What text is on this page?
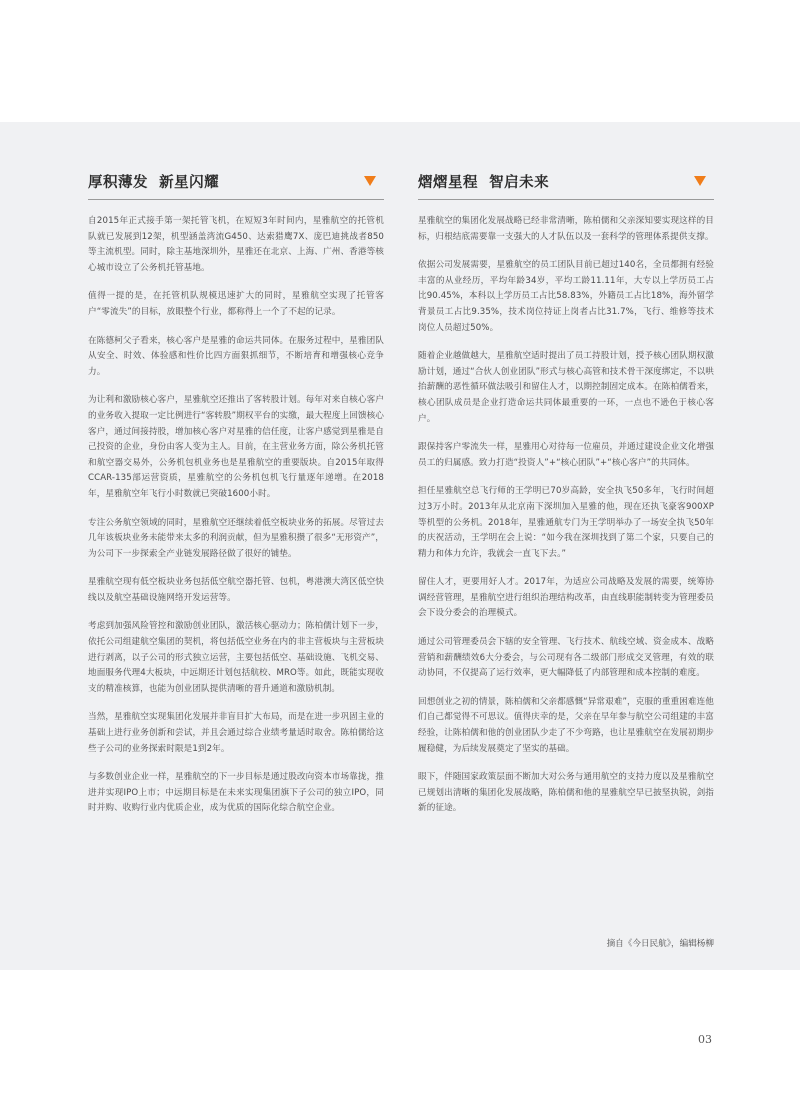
厚积薄发  新星闪耀

自2015年正式接手第一架托管飞机，在短短3年时间内，星雅航空的托管机队就已发展到12架，机型涵盖湾流G450、达索猎鹰7X、庞巴迪挑战者850等主流机型。同时，除主基地深圳外，星雅还在北京、上海、广州、香港等核心城市设立了公务机托管基地。

值得一提的是，在托管机队规模迅速扩大的同时，星雅航空实现了托管客户“零流失”的目标，放眼整个行业，都称得上一个了不起的记录。

在陈德柯父子看来，核心客户是星雅的命运共同体。在服务过程中，星雅团队从安全、时效、体验感和性价比四方面狠抓细节，不断培育和增强核心竞争力。

为让利和激励核心客户，星雅航空还推出了客转股计划。每年对来自核心客户的业务收入提取一定比例进行“客转股”期权平台的实缴，最大程度上回馈核心客户，通过间接持股，增加核心客户对星雅的信任度，让客户感觉到星雅是自己投资的企业，身份由客人变为主人。目前，在主营业务方面，除公务机托管和航空器交易外，公务机包机业务也是星雅航空的重要版块。自2015年取得CCAR-135部运营资质，星雅航空的公务机包机飞行量逐年递增。在2018年，星雅航空年飞行小时数就已突破1600小时。

专注公务航空领域的同时，星雅航空还继续着低空板块业务的拓展。尽管过去几年该板块业务未能带来太多的利润贡献，但为星雅积攒了很多“无形资产”，为公司下一步探索全产业链发展路径做了很好的铺垫。

星雅航空现有低空板块业务包括低空航空器托管、包机，粤港澳大湾区低空快线以及航空基础设施网络开发运营等。

考虑到加强风险管控和激励创业团队，激活核心驱动力；陈柏儒计划下一步，依托公司组建航空集团的契机，将包括低空业务在内的非主营板块与主营板块进行剥离，以子公司的形式独立运营，主要包括低空、基础设施、飞机交易、地面服务代理4大板块，中远期还计划包括航校、MRO等。如此，既能实现收支的精准核算，也能为创业团队提供清晰的晋升通道和激励机制。

当然，星雅航空实现集团化发展并非盲目扩大布局，而是在进一步巩固主业的基础上进行业务创新和尝试，并且会通过综合业绩考量适时取舍。陈柏儒给这些子公司的业务探索时限是1到2年。

与多数创业企业一样，星雅航空的下一步目标是通过股改向资本市场靠拢，推进并实现IPO上市；中远期目标是在未来实现集团旗下子公司的独立IPO，同时并购、收购行业内优质企业，成为优质的国际化综合航空企业。

熠熠星程  智启未来

星雅航空的集团化发展战略已经非常清晰，陈柏儒和父亲深知要实现这样的目标，归根结底需要靠一支强大的人才队伍以及一套科学的管理体系提供支撑。

依据公司发展需要，星雅航空的员工团队目前已超过140名，全员都拥有经验丰富的从业经历，平均年龄34岁，平均工龄11.11年，大专以上学历员工占比90.45%，本科以上学历员工占比58.83%，外籍员工占比18%，海外留学背景员工占比9.35%，技术岗位持证上岗者占比31.7%，飞行、维修等技术岗位人员超过50%。

随着企业越做越大，星雅航空适时提出了员工持股计划，授予核心团队期权激励计划，通过“合伙人创业团队”形式与核心高管和技术骨干深度绑定，不以哄抬薪酬的恶性循环做法吸引和留住人才，以期控制固定成本。在陈柏儒看来，核心团队成员是企业打造命运共同体最重要的一环，一点也不逊色于核心客户。

跟保持客户零流失一样，星雅用心对待每一位雇员，并通过建设企业文化增强员工的归属感。致力打造“投资人”+“核心团队”+“核心客户”的共同体。

担任星雅航空总飞行师的王学明已70岁高龄，安全执飞50多年，飞行时间超过3万小时。2013年从北京南下深圳加入星雅的他，现在还执飞豪客900XP等机型的公务机。2018年，星雅通航专门为王学明举办了一场安全执飞50年的庆祝活动，王学明在会上说：“如今我在深圳找到了第二个家，只要自己的精力和体力允许，我就会一直飞下去。”

留住人才，更要用好人才。2017年，为适应公司战略及发展的需要，统筹协调经营管理，星雅航空进行组织治理结构改革，由直线职能制转变为管理委员会下设分委会的治理模式。

通过公司管理委员会下辖的安全管理、飞行技术、航线空域、资金成本、战略营销和薪酬绩效6大分委会，与公司现有各二级部门形成交叉管理，有效的联动协同，不仅提高了运行效率，更大幅降低了内部管理和成本控制的难度。

回想创业之初的情景，陈柏儒和父亲都感慨“异常艰难”，克服的重重困难连他们自己都觉得不可思议。值得庆幸的是，父亲在早年参与航空公司组建的丰富经验，让陈柏儒和他的创业团队少走了不少弯路，也让星雅航空在发展初期步履稳健，为后续发展奠定了坚实的基础。

眼下，伴随国家政策层面不断加大对公务与通用航空的支持力度以及星雅航空已规划出清晰的集团化发展战略，陈柏儒和他的星雅航空早已披坚执锐，剑指新的征途。

摘自《今日民航》，编辑杨柳
03
